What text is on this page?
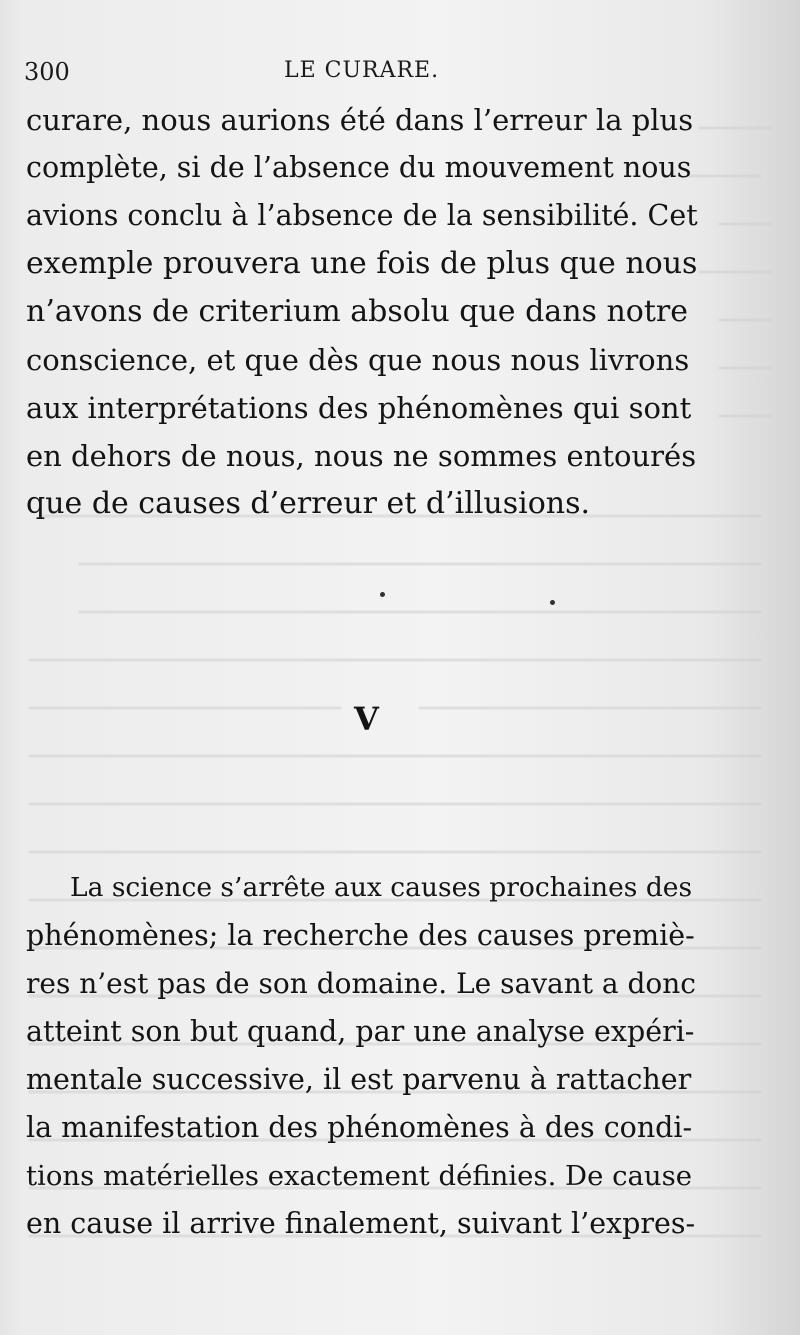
300	LE CURARE.
curare, nous aurions été dans l’erreur la plus
complète, si de l’absence du mouvement nous
avions conclu à l’absence de la sensibilité. Cet
exemple prouvera une fois de plus que nous
n’avons de criterium absolu que dans notre
conscience, et que dès que nous nous livrons
aux interprétations des phénomènes qui sont
en dehors de nous, nous ne sommes entourés
que de causes d’erreur et d’illusions.
V
La science s’arrête aux causes prochaines des
phénomènes; la recherche des causes premiè-
res n’est pas de son domaine. Le savant a donc
atteint son but quand, par une analyse expéri-
mentale successive, il est parvenu à rattacher
la manifestation des phénomènes à des condi-
tions matérielles exactement définies. De cause
en cause il arrive finalement, suivant l’expres-
